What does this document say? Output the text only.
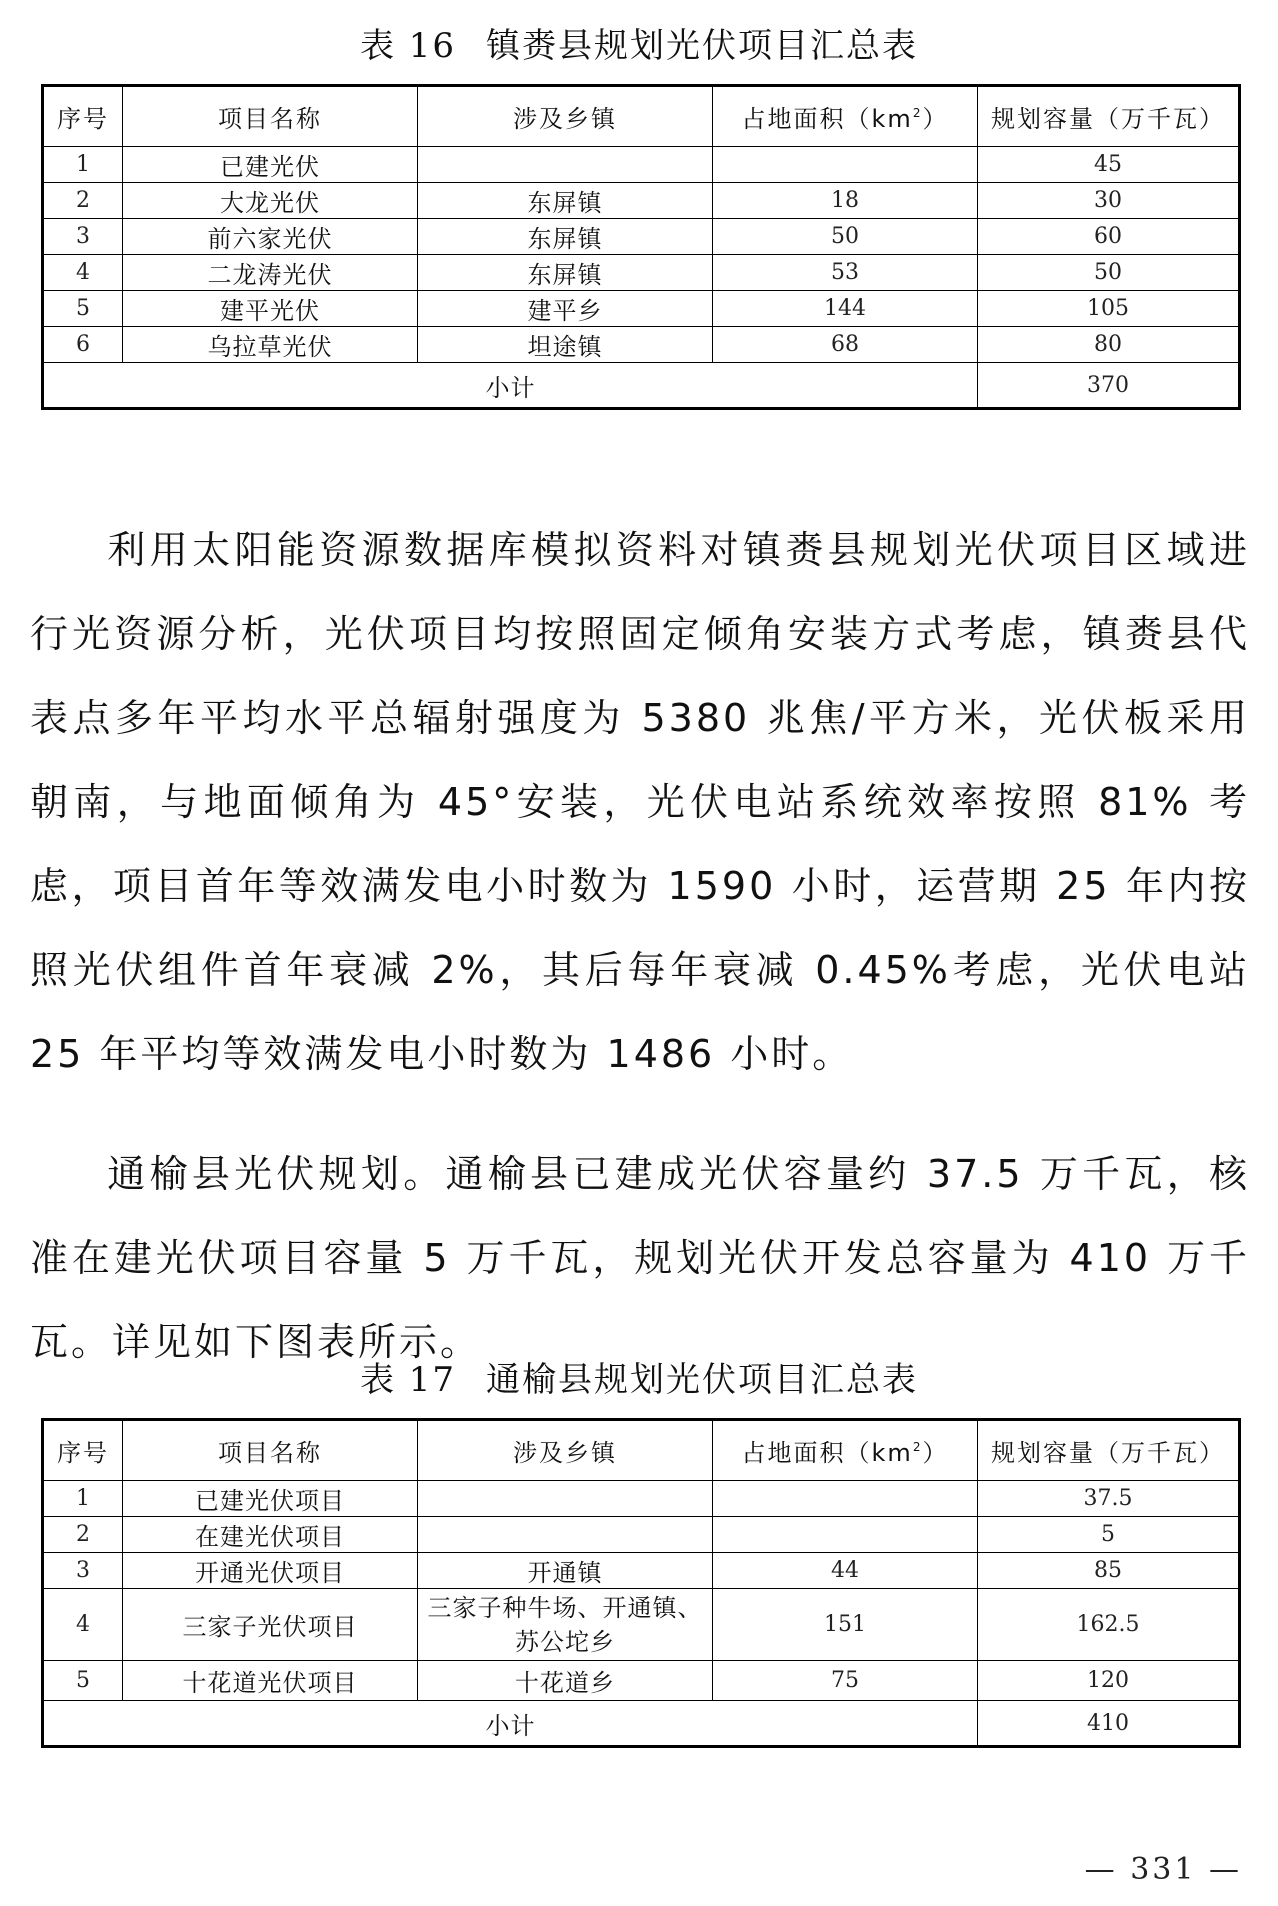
表 16 镇赉县规划光伏项目汇总表
序号	项目名称	涉及乡镇	占地面积$(km^2)$	规划容量（万千瓦）
1	已建光伏			45
2	大龙光伏	东屏镇	18	30
3	前六家光伏	东屏镇	50	60
4	二龙涛光伏	东屏镇	53	50
5	建平光伏	建平乡	144	105
6	乌拉草光伏	坦途镇	68	80
小计				370

利用太阳能资源数据库模拟资料对镇赉县规划光伏项目区域进行光资源分析，光伏项目均按照固定倾角安装方式考虑，镇赉县代表点多年平均水平总辐射强度为 5380 兆焦/平方米，光伏板采用朝南，与地面倾角为 45°安装，光伏电站系统效率按照 81% 考虑，项目首年等效满发电小时数为 1590 小时，运营期 25 年内按照光伏组件首年衰减 2%，其后每年衰减 0.45%考虑，光伏电站 25 年平均等效满发电小时数为 1486 小时。

通榆县光伏规划。通榆县已建成光伏容量约 37.5 万千瓦，核准在建光伏项目容量 5 万千瓦，规划光伏开发总容量为 410 万千瓦。详见如下图表所示。

表 17 通榆县规划光伏项目汇总表
序号	项目名称	涉及乡镇	占地面积$(km^2)$	规划容量（万千瓦）
1	已建光伏项目			37.5
2	在建光伏项目			5
3	开通光伏项目	开通镇	44	85
4	三家子光伏项目	三家子种牛场、开通镇、苏公坨乡	151	162.5
5	十花道光伏项目	十花道乡	75	120
小计				410
— 331 —
